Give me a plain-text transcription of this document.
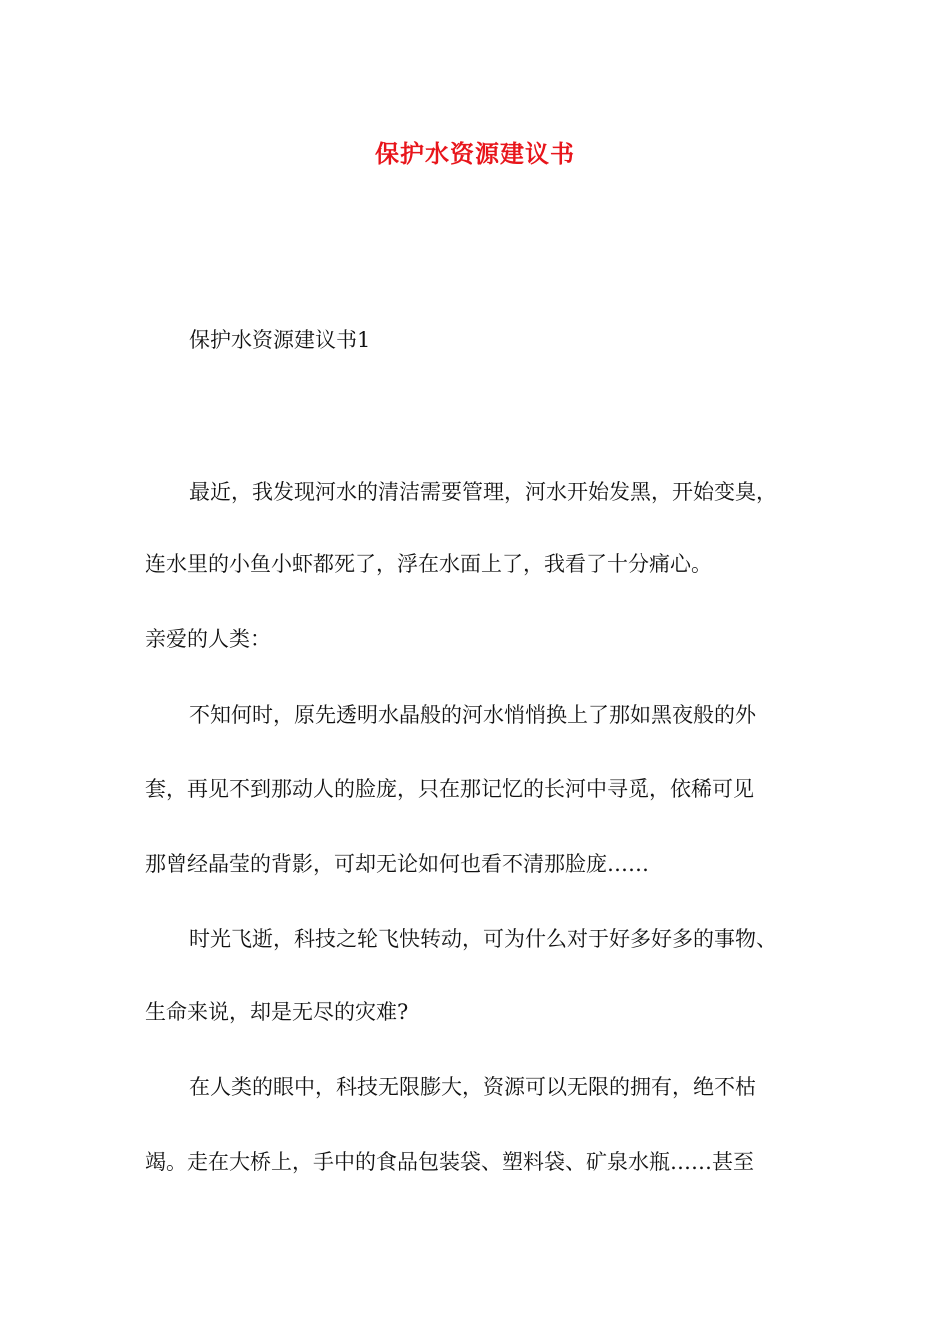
保护水资源建议书
保护水资源建议书1
最近，我发现河水的清洁需要管理，河水开始发黑，开始变臭，
连水里的小鱼小虾都死了，浮在水面上了，我看了十分痛心。
亲爱的人类：
不知何时，原先透明水晶般的河水悄悄换上了那如黑夜般的外
套，再见不到那动人的脸庞，只在那记忆的长河中寻觅，依稀可见
那曾经晶莹的背影，可却无论如何也看不清那脸庞……
时光飞逝，科技之轮飞快转动，可为什么对于好多好多的事物、
生命来说，却是无尽的灾难?
在人类的眼中，科技无限膨大，资源可以无限的拥有，绝不枯
竭。走在大桥上，手中的食品包装袋、塑料袋、矿泉水瓶……甚至
